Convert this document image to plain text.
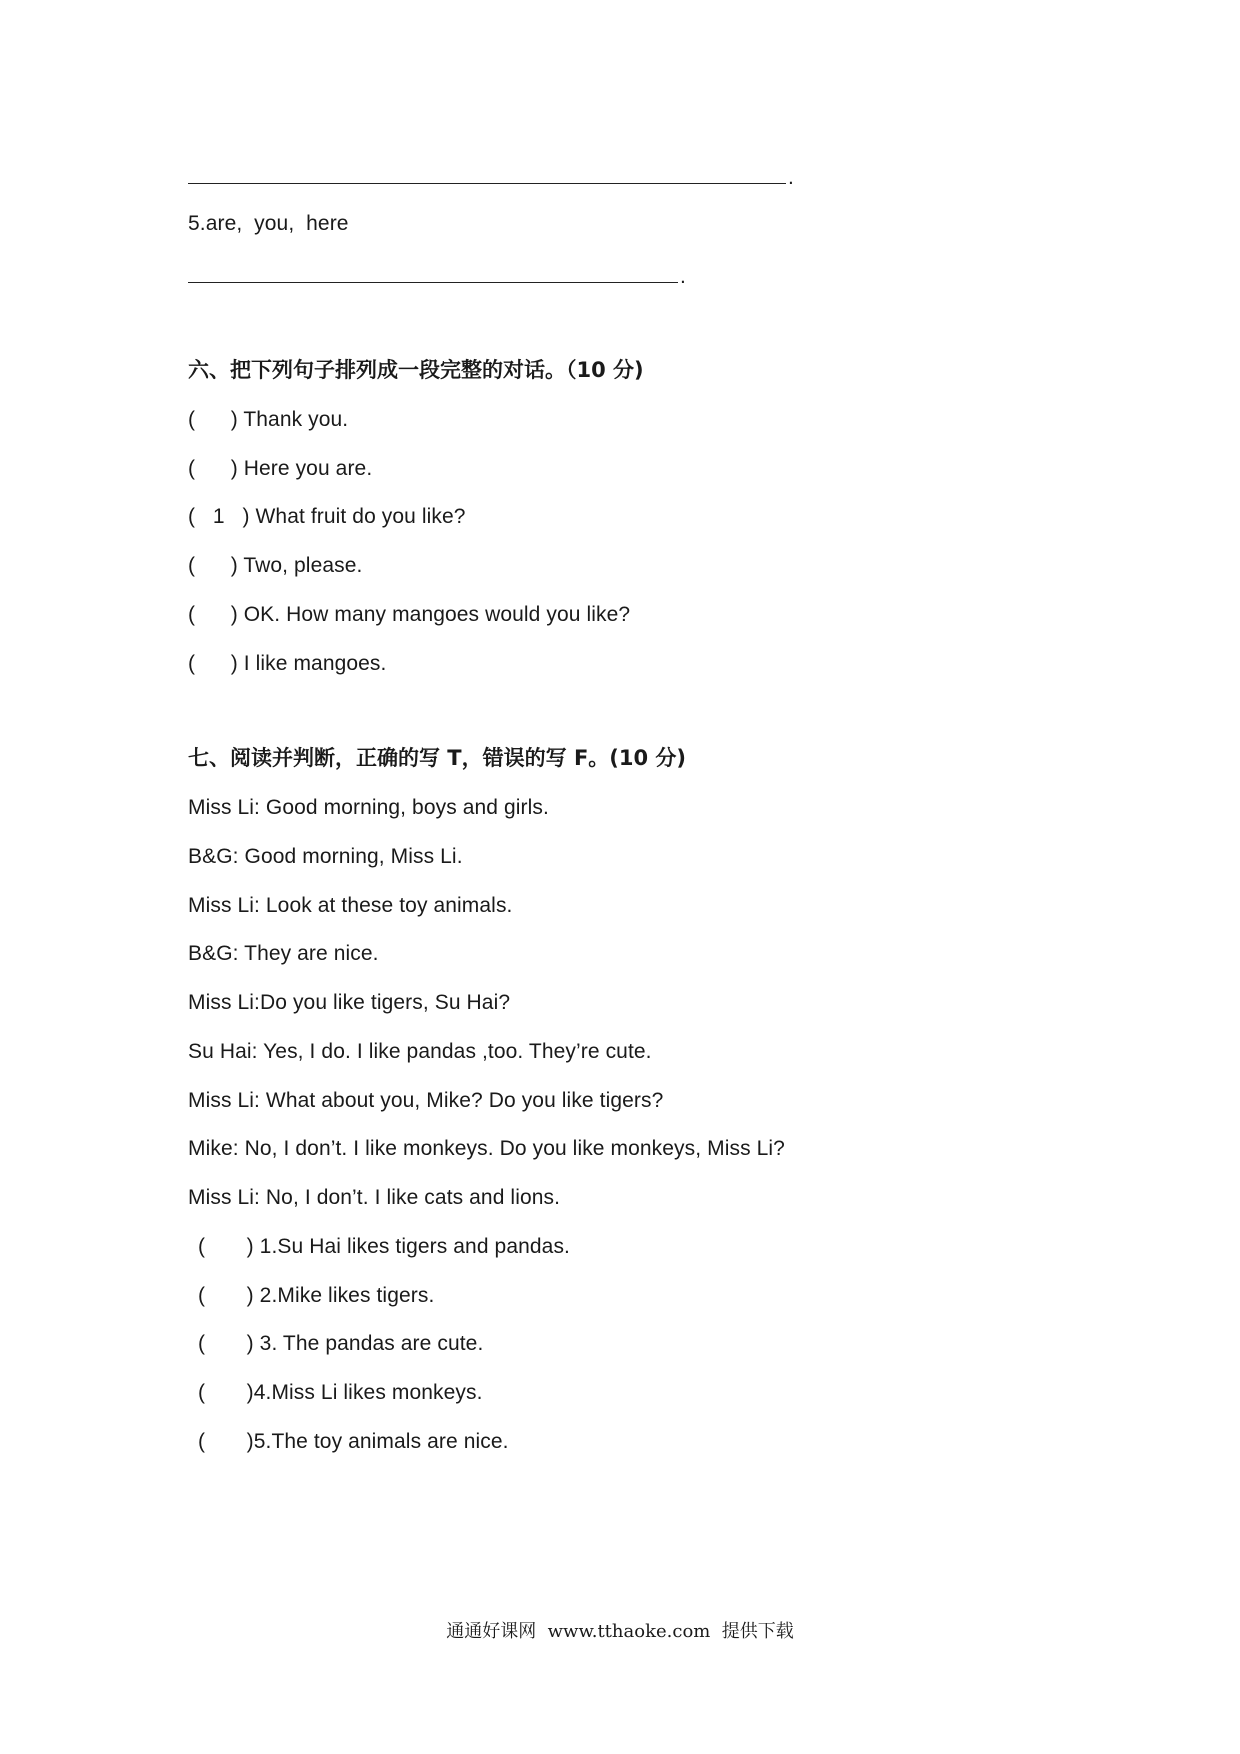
.
5.are,  you,  here
.
六、把下列句子排列成一段完整的对话。（10 分)
(      ) Thank you.
(      ) Here you are.
(   1   ) What fruit do you like?
(      ) Two, please.
(      ) OK. How many mangoes would you like?
(      ) I like mangoes.
七、阅读并判断，正确的写 T，错误的写 F。(10 分)
Miss Li: Good morning, boys and girls.
B&G: Good morning, Miss Li.
Miss Li: Look at these toy animals.
B&G: They are nice.
Miss Li:Do you like tigers, Su Hai?
Su Hai: Yes, I do. I like pandas ,too. They’re cute.
Miss Li: What about you, Mike? Do you like tigers?
Mike: No, I don’t. I like monkeys. Do you like monkeys, Miss Li?
Miss Li: No, I don’t. I like cats and lions.
(       ) 1.Su Hai likes tigers and pandas.
(       ) 2.Mike likes tigers.
(       ) 3. The pandas are cute.
(       )4.Miss Li likes monkeys.
(       )5.The toy animals are nice.
通通好课网  www.tthaoke.com  提供下载
